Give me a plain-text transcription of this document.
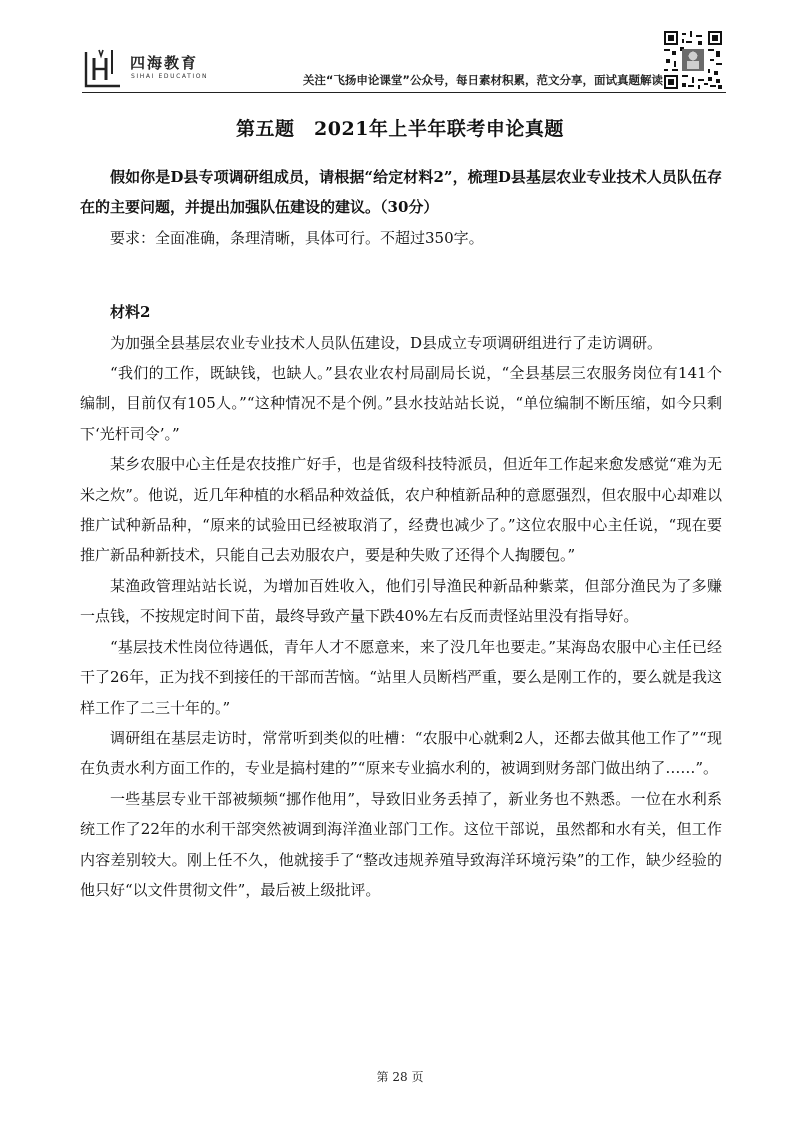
四海教育
SIHAI EDUCATION	关注“飞扬申论课堂”公众号，每日素材积累，范文分享，面试真题解读
第五题　2021年上半年联考申论真题

假如你是D县专项调研组成员，请根据“给定材料2”，梳理D县基层农业专业技术人员队伍存在的主要问题，并提出加强队伍建设的建议。（30分）

要求：全面准确，条理清晰，具体可行。不超过350字。

材料2

为加强全县基层农业专业技术人员队伍建设，D县成立专项调研组进行了走访调研。

“我们的工作，既缺钱，也缺人。”县农业农村局副局长说，“全县基层三农服务岗位有141个编制，目前仅有105人。”“这种情况不是个例。”县水技站站长说，“单位编制不断压缩，如今只剩下‘光杆司令’。”

某乡农服中心主任是农技推广好手，也是省级科技特派员，但近年工作起来愈发感觉“难为无米之炊”。他说，近几年种植的水稻品种效益低，农户种植新品种的意愿强烈，但农服中心却难以推广试种新品种，“原来的试验田已经被取消了，经费也减少了。”这位农服中心主任说，“现在要推广新品种新技术，只能自己去劝服农户，要是种失败了还得个人掏腰包。”

某渔政管理站站长说，为增加百姓收入，他们引导渔民种新品种紫菜，但部分渔民为了多赚一点钱，不按规定时间下苗，最终导致产量下跌40%左右反而责怪站里没有指导好。

“基层技术性岗位待遇低，青年人才不愿意来，来了没几年也要走。”某海岛农服中心主任已经干了26年，正为找不到接任的干部而苦恼。“站里人员断档严重，要么是刚工作的，要么就是我这样工作了二三十年的。”

调研组在基层走访时，常常听到类似的吐槽：“农服中心就剩2人，还都去做其他工作了”“现在负责水利方面工作的，专业是搞村建的”“原来专业搞水利的，被调到财务部门做出纳了……”。

一些基层专业干部被频频“挪作他用”，导致旧业务丢掉了，新业务也不熟悉。一位在水利系统工作了22年的水利干部突然被调到海洋渔业部门工作。这位干部说，虽然都和水有关，但工作内容差别较大。刚上任不久，他就接手了“整改违规养殖导致海洋环境污染”的工作，缺少经验的他只好“以文件贯彻文件”，最后被上级批评。

第 28 页
